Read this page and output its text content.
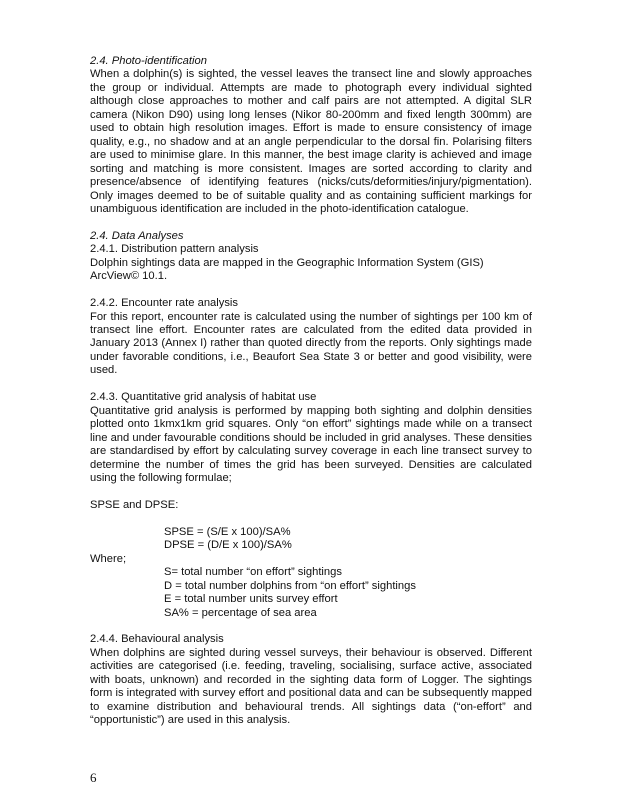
2.4. Photo-identification

When a dolphin(s) is sighted, the vessel leaves the transect line and slowly approaches the group or individual. Attempts are made to photograph every individual sighted although close approaches to mother and calf pairs are not attempted. A digital SLR camera (Nikon D90) using long lenses (Nikor 80-200mm and fixed length 300mm) are used to obtain high resolution images. Effort is made to ensure consistency of image quality, e.g., no shadow and at an angle perpendicular to the dorsal fin. Polarising filters are used to minimise glare. In this manner, the best image clarity is achieved and image sorting and matching is more consistent. Images are sorted according to clarity and presence/absence of identifying features (nicks/cuts/deformities/injury/pigmentation). Only images deemed to be of suitable quality and as containing sufficient markings for unambiguous identification are included in the photo-identification catalogue.

2.4. Data Analyses

2.4.1. Distribution pattern analysis

Dolphin sightings data are mapped in the Geographic Information System (GIS) ArcView© 10.1.

2.4.2. Encounter rate analysis

For this report, encounter rate is calculated using the number of sightings per 100 km of transect line effort. Encounter rates are calculated from the edited data provided in January 2013 (Annex I) rather than quoted directly from the reports. Only sightings made under favorable conditions, i.e., Beaufort Sea State 3 or better and good visibility, were used.

2.4.3. Quantitative grid analysis of habitat use

Quantitative grid analysis is performed by mapping both sighting and dolphin densities plotted onto 1kmx1km grid squares. Only “on effort” sightings made while on a transect line and under favourable conditions should be included in grid analyses. These densities are standardised by effort by calculating survey coverage in each line transect survey to determine the number of times the grid has been surveyed. Densities are calculated using the following formulae;

SPSE and DPSE:

SPSE = (S/E x 100)/SA%

DPSE = (D/E x 100)/SA%

Where;

S= total number “on effort” sightings

D = total number dolphins from “on effort” sightings

E = total number units survey effort

SA% = percentage of sea area

2.4.4. Behavioural analysis

When dolphins are sighted during vessel surveys, their behaviour is observed. Different activities are categorised (i.e. feeding, traveling, socialising, surface active, associated with boats, unknown) and recorded in the sighting data form of Logger. The sightings form is integrated with survey effort and positional data and can be subsequently mapped to examine distribution and behavioural trends. All sightings data (“on-effort” and “opportunistic”) are used in this analysis.

6
